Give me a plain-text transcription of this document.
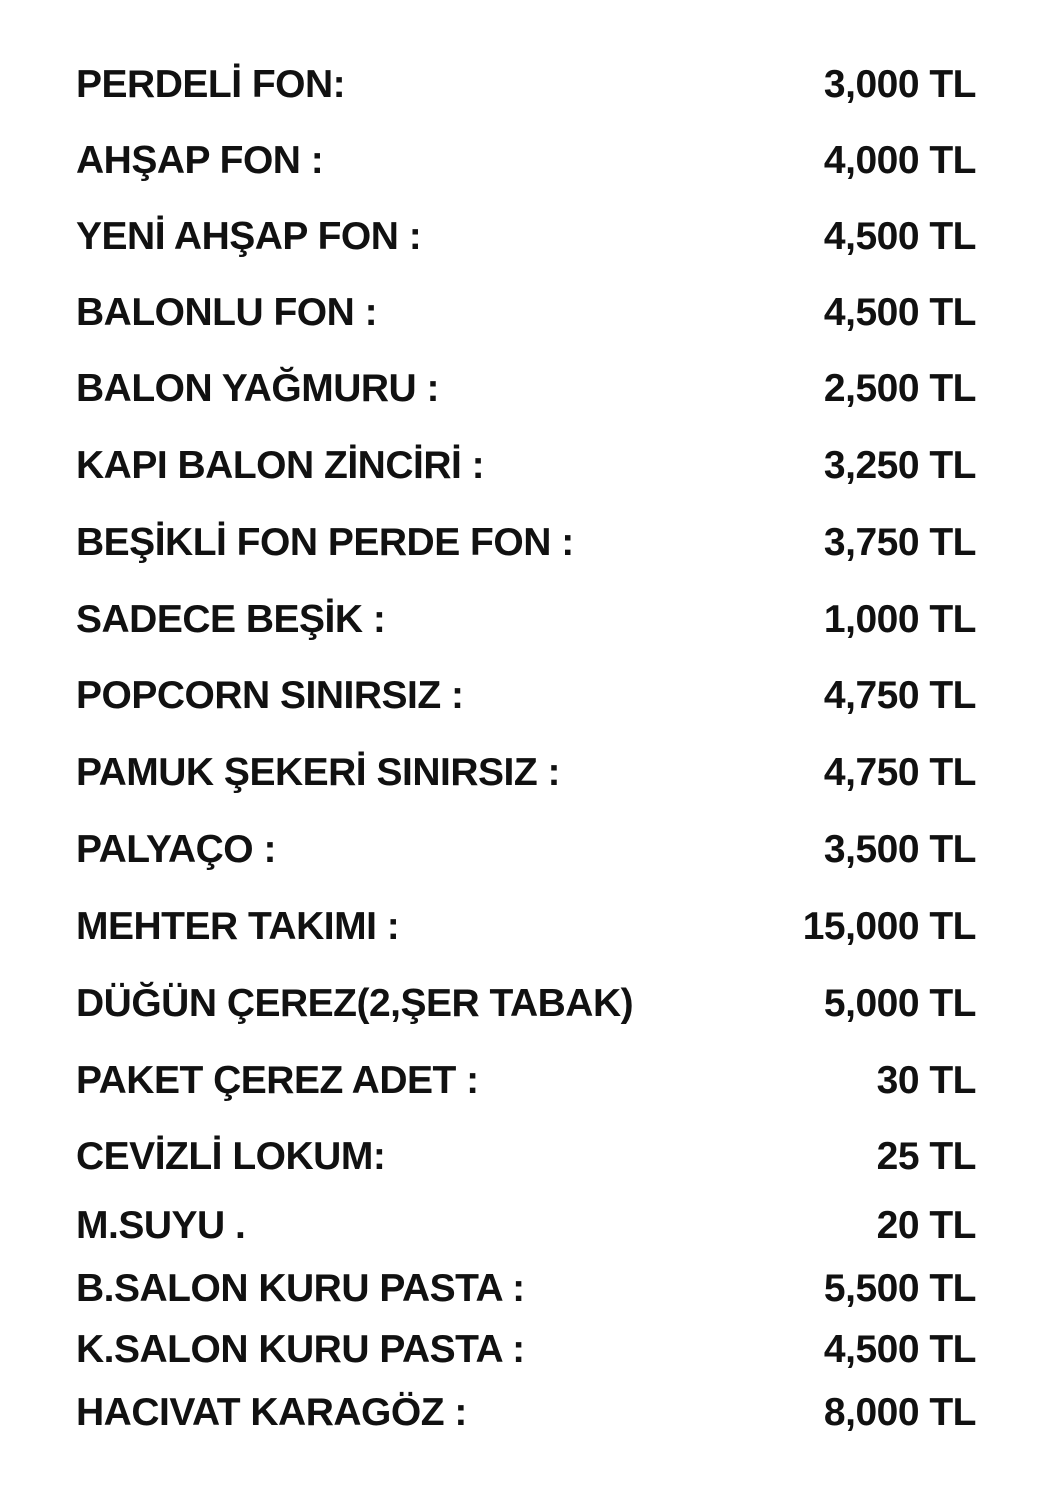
PERDELİ FON:	3,000 TL
AHŞAP FON :	4,000 TL
YENİ AHŞAP FON :	4,500 TL
BALONLU FON :	4,500 TL
BALON YAĞMURU :	2,500 TL
KAPI BALON ZİNCİRİ :	3,250 TL
BEŞİKLİ FON PERDE FON :	3,750 TL
SADECE BEŞİK :	1,000 TL
POPCORN SINIRSIZ :	4,750 TL
PAMUK ŞEKERİ SINIRSIZ :	4,750 TL
PALYAÇO :	3,500 TL
MEHTER TAKIMI :	15,000 TL
DÜĞÜN ÇEREZ(2,ŞER TABAK)	5,000 TL
PAKET ÇEREZ ADET :	30 TL
CEVİZLİ LOKUM:	25 TL
M.SUYU .	20 TL
B.SALON KURU PASTA :	5,500 TL
K.SALON KURU PASTA :	4,500 TL
HACIVAT KARAGÖZ :	8,000 TL
